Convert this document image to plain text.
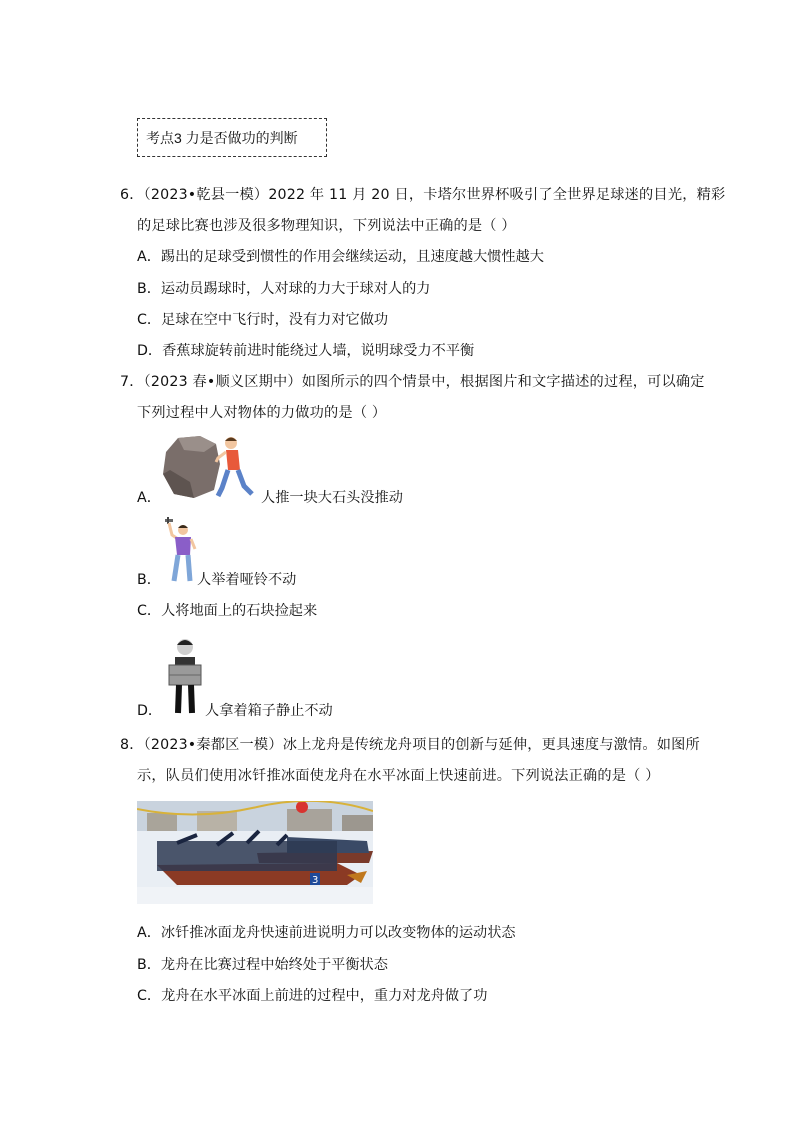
考点3 力是否做功的判断
6．（2023•乾县一模）2022 年 11 月 20 日，卡塔尔世界杯吸引了全世界足球迷的目光，精彩
的足球比赛也涉及很多物理知识，下列说法中正确的是（ ）
A．踢出的足球受到惯性的作用会继续运动，且速度越大惯性越大
B．运动员踢球时，人对球的力大于球对人的力
C．足球在空中飞行时，没有力对它做功
D．香蕉球旋转前进时能绕过人墙，说明球受力不平衡
7．（2023 春•顺义区期中）如图所示的四个情景中，根据图片和文字描述的过程，可以确定
下列过程中人对物体的力做功的是（ ）
A．	人推一块大石头没推动
B．	人举着哑铃不动
C．人将地面上的石块捡起来
D．	人拿着箱子静止不动
8．（2023•秦都区一模）冰上龙舟是传统龙舟项目的创新与延伸，更具速度与激情。如图所
示，队员们使用冰钎推冰面使龙舟在水平冰面上快速前进。下列说法正确的是（ ）
3
A．冰钎推冰面龙舟快速前进说明力可以改变物体的运动状态
B．龙舟在比赛过程中始终处于平衡状态
C．龙舟在水平冰面上前进的过程中，重力对龙舟做了功
